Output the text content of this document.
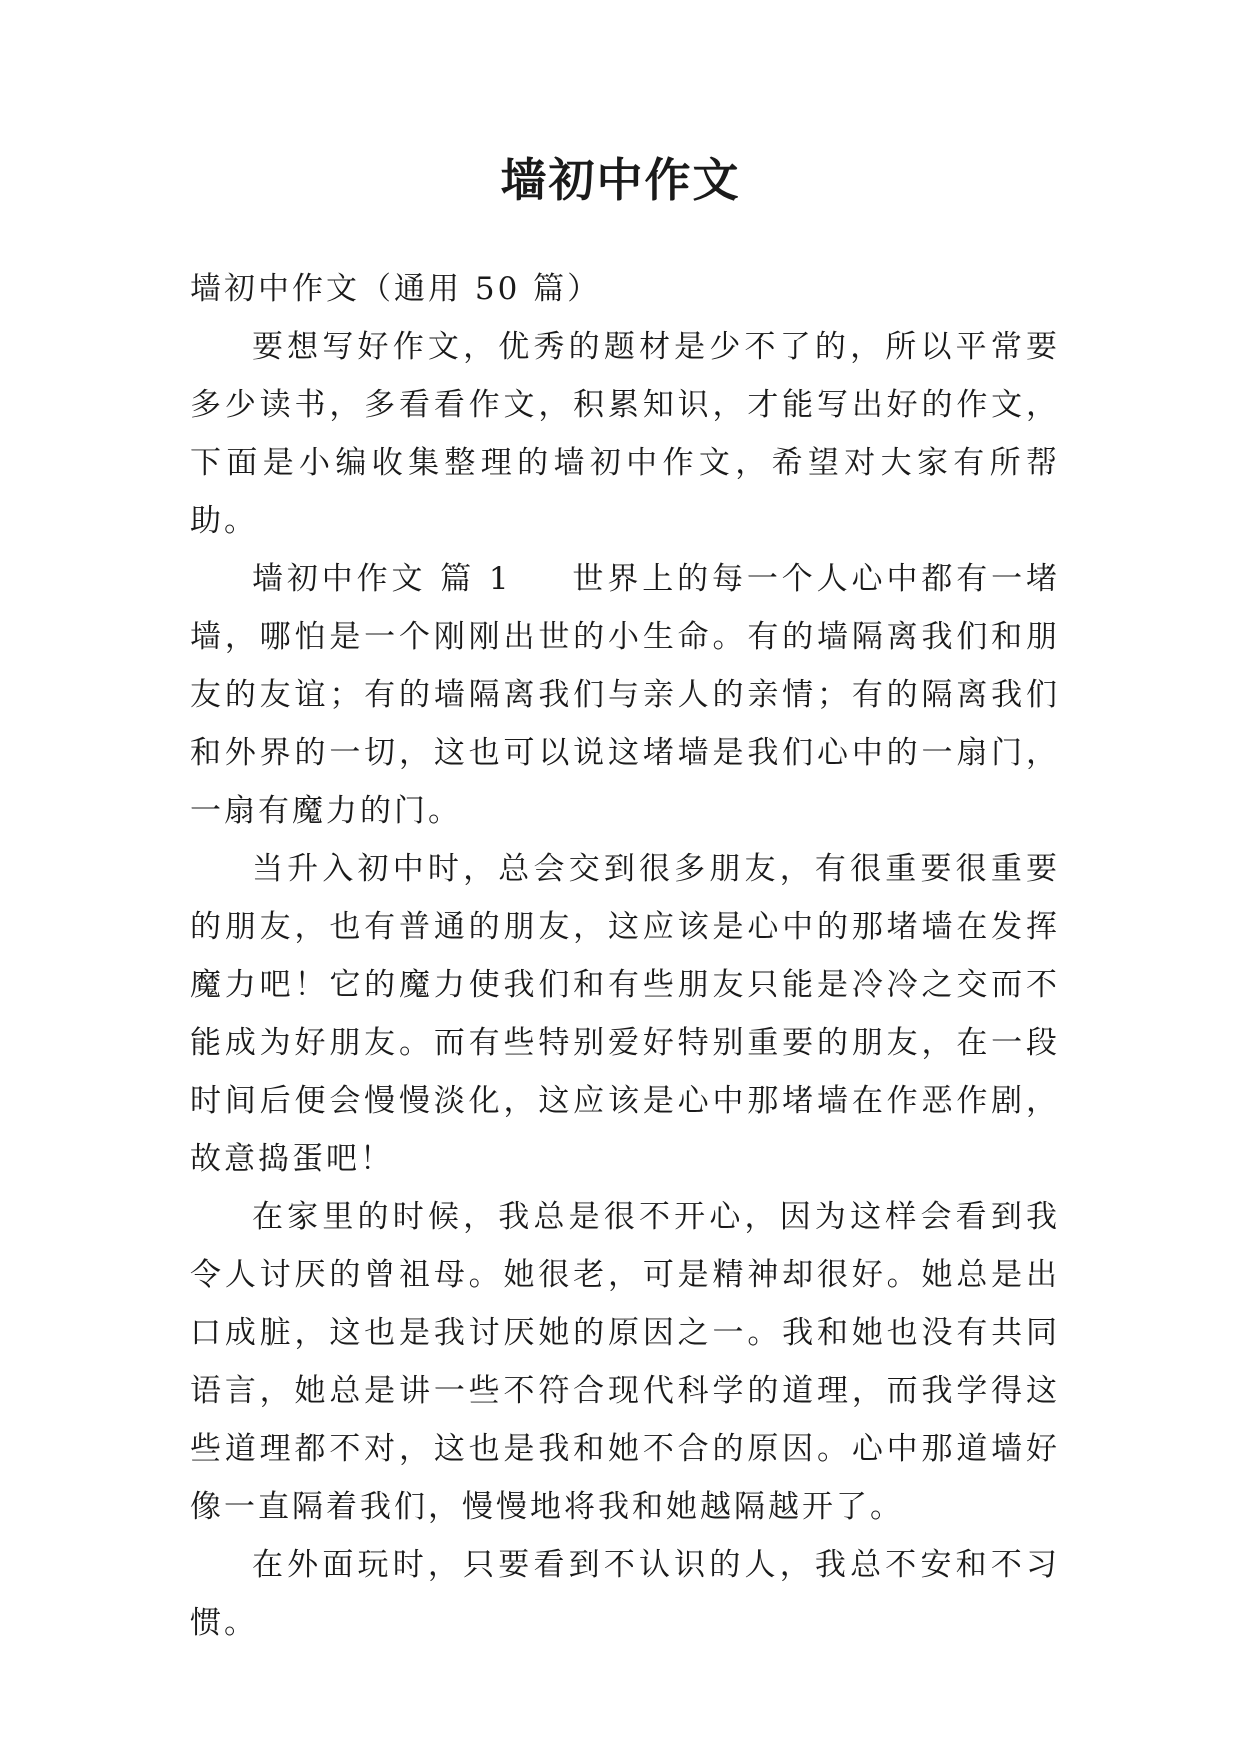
墙初中作文

墙初中作文（通用 50 篇）

要想写好作文，优秀的题材是少不了的，所以平常要多少读书，多看看作文，积累知识，才能写出好的作文，下面是小编收集整理的墙初中作文，希望对大家有所帮助。

墙初中作文 篇 1 世界上的每一个人心中都有一堵墙，哪怕是一个刚刚出世的小生命。有的墙隔离我们和朋友的友谊；有的墙隔离我们与亲人的亲情；有的隔离我们和外界的一切，这也可以说这堵墙是我们心中的一扇门，一扇有魔力的门。

当升入初中时，总会交到很多朋友，有很重要很重要的朋友，也有普通的朋友，这应该是心中的那堵墙在发挥魔力吧！它的魔力使我们和有些朋友只能是冷冷之交而不能成为好朋友。而有些特别爱好特别重要的朋友，在一段时间后便会慢慢淡化，这应该是心中那堵墙在作恶作剧，故意捣蛋吧！

在家里的时候，我总是很不开心，因为这样会看到我令人讨厌的曾祖母。她很老，可是精神却很好。她总是出口成脏，这也是我讨厌她的原因之一。我和她也没有共同语言，她总是讲一些不符合现代科学的道理，而我学得这些道理都不对，这也是我和她不合的原因。心中那道墙好像一直隔着我们，慢慢地将我和她越隔越开了。

在外面玩时，只要看到不认识的人，我总不安和不习惯。
